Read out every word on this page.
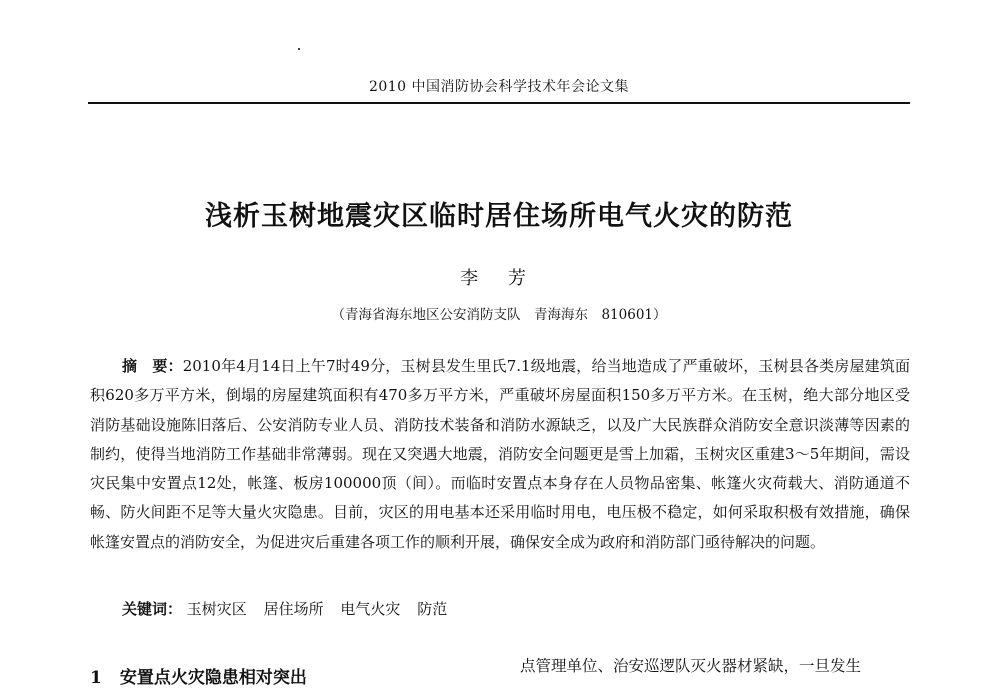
2010 中国消防协会科学技术年会论文集
浅析玉树地震灾区临时居住场所电气火灾的防范
李 芳
（青海省海东地区公安消防支队　青海海东　810601）
摘　要：2010年4月14日上午7时49分，玉树县发生里氏7.1级地震，给当地造成了严重破坏，玉树县各类房屋建筑面积620多万平方米，倒塌的房屋建筑面积有470多万平方米，严重破坏房屋面积150多万平方米。在玉树，绝大部分地区受消防基础设施陈旧落后、公安消防专业人员、消防技术装备和消防水源缺乏，以及广大民族群众消防安全意识淡薄等因素的制约，使得当地消防工作基础非常薄弱。现在又突遇大地震，消防安全问题更是雪上加霜，玉树灾区重建3～5年期间，需设灾民集中安置点12处，帐篷、板房100000顶（间）。而临时安置点本身存在人员物品密集、帐篷火灾荷载大、消防通道不畅、防火间距不足等大量火灾隐患。目前，灾区的用电基本还采用临时用电，电压极不稳定，如何采取积极有效措施，确保帐篷安置点的消防安全，为促进灾后重建各项工作的顺利开展，确保安全成为政府和消防部门亟待解决的问题。
关键词： 玉树灾区 居住场所 电气火灾 防范
1 安置点火灾隐患相对突出
点管理单位、治安巡逻队灭火器材紧缺，一旦发生
